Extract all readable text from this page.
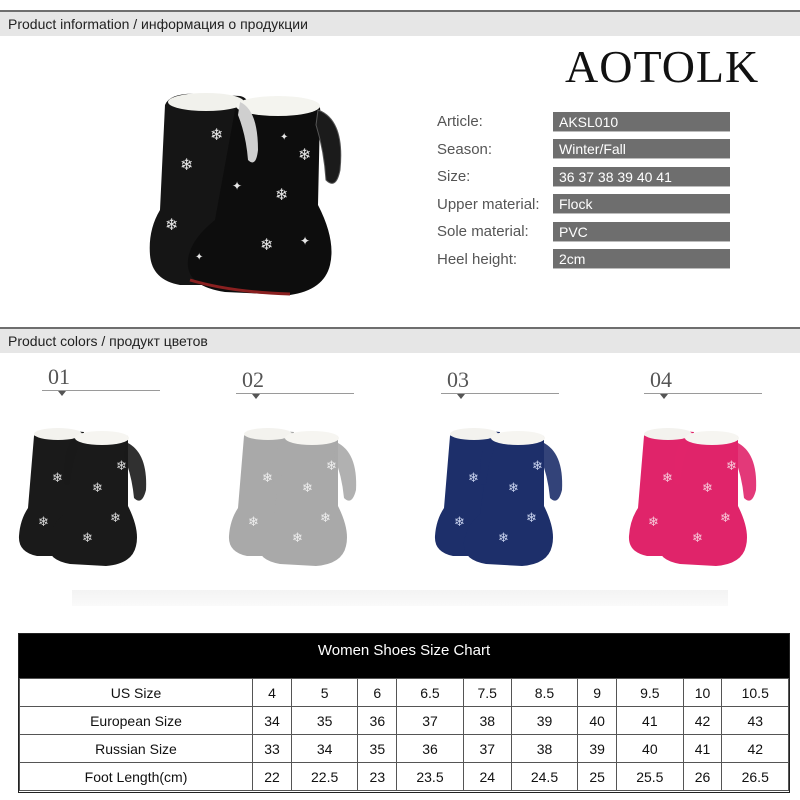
Product information / информация о продукции
❄
❄
❄
❄
❄
❄
✦
✦
✦
✦
AOTOLK
Article:	AKSL010
Season:	Winter/Fall
Size:	36 37 38 39 40 41
Upper material:	Flock
Sole material:	PVC
Heel height:	2cm
Product colors / продукт цветов
01	02	03	04
❄
❄
❄
❄
❄
❄
❄
❄
❄
❄
❄
❄
❄
❄
❄
❄
❄
❄
❄
❄
❄
❄
❄
❄
Women Shoes Size Chart
US Size	4	5	6	6.5	7.5	8.5	9	9.5	10	10.5
European Size	34	35	36	37	38	39	40	41	42	43
Russian Size	33	34	35	36	37	38	39	40	41	42
Foot Length(cm)	22	22.5	23	23.5	24	24.5	25	25.5	26	26.5
